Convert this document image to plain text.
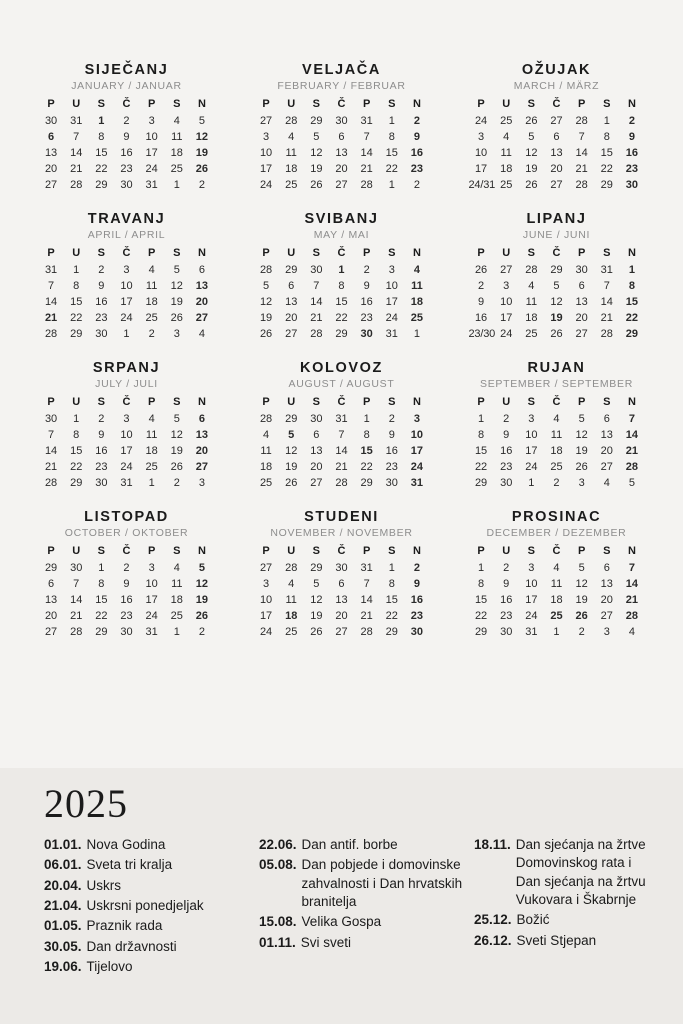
SIJEČANJ
JANUARY / JANUAR
P	U	S	Č	P	S	N
30	31	1	2	3	4	5
6	7	8	9	10	11	12
13	14	15	16	17	18	19
20	21	22	23	24	25	26
27	28	29	30	31	1	2
VELJAČA
FEBRUARY / FEBRUAR
P	U	S	Č	P	S	N
27	28	29	30	31	1	2
3	4	5	6	7	8	9
10	11	12	13	14	15	16
17	18	19	20	21	22	23
24	25	26	27	28	1	2
OŽUJAK
MARCH / MÄRZ
P	U	S	Č	P	S	N
24	25	26	27	28	1	2
3	4	5	6	7	8	9
10	11	12	13	14	15	16
17	18	19	20	21	22	23
24/31	25	26	27	28	29	30
TRAVANJ
APRIL / APRIL
P	U	S	Č	P	S	N
31	1	2	3	4	5	6
7	8	9	10	11	12	13
14	15	16	17	18	19	20
21	22	23	24	25	26	27
28	29	30	1	2	3	4
SVIBANJ
MAY / MAI
P	U	S	Č	P	S	N
28	29	30	1	2	3	4
5	6	7	8	9	10	11
12	13	14	15	16	17	18
19	20	21	22	23	24	25
26	27	28	29	30	31	1
LIPANJ
JUNE / JUNI
P	U	S	Č	P	S	N
26	27	28	29	30	31	1
2	3	4	5	6	7	8
9	10	11	12	13	14	15
16	17	18	19	20	21	22
23/30	24	25	26	27	28	29
SRPANJ
JULY / JULI
P	U	S	Č	P	S	N
30	1	2	3	4	5	6
7	8	9	10	11	12	13
14	15	16	17	18	19	20
21	22	23	24	25	26	27
28	29	30	31	1	2	3
KOLOVOZ
AUGUST / AUGUST
P	U	S	Č	P	S	N
28	29	30	31	1	2	3
4	5	6	7	8	9	10
11	12	13	14	15	16	17
18	19	20	21	22	23	24
25	26	27	28	29	30	31
RUJAN
SEPTEMBER / SEPTEMBER
P	U	S	Č	P	S	N
1	2	3	4	5	6	7
8	9	10	11	12	13	14
15	16	17	18	19	20	21
22	23	24	25	26	27	28
29	30	1	2	3	4	5
LISTOPAD
OCTOBER / OKTOBER
P	U	S	Č	P	S	N
29	30	1	2	3	4	5
6	7	8	9	10	11	12
13	14	15	16	17	18	19
20	21	22	23	24	25	26
27	28	29	30	31	1	2
STUDENI
NOVEMBER / NOVEMBER
P	U	S	Č	P	S	N
27	28	29	30	31	1	2
3	4	5	6	7	8	9
10	11	12	13	14	15	16
17	18	19	20	21	22	23
24	25	26	27	28	29	30
PROSINAC
DECEMBER / DEZEMBER
P	U	S	Č	P	S	N
1	2	3	4	5	6	7
8	9	10	11	12	13	14
15	16	17	18	19	20	21
22	23	24	25	26	27	28
29	30	31	1	2	3	4
2025
01.01. Nova Godina
06.01. Sveta tri kralja
20.04. Uskrs
21.04. Uskrsni ponedjeljak
01.05. Praznik rada
30.05. Dan državnosti
19.06. Tijelovo
22.06. Dan antif. borbe
05.08. Dan pobjede i domovinske zahvalnosti i Dan hrvatskih branitelja
15.08. Velika Gospa
01.11. Svi sveti
18.11. Dan sjećanja na žrtve Domovinskog rata i Dan sjećanja na žrtvu Vukovara i Škabrnje
25.12. Božić
26.12. Sveti Stjepan
